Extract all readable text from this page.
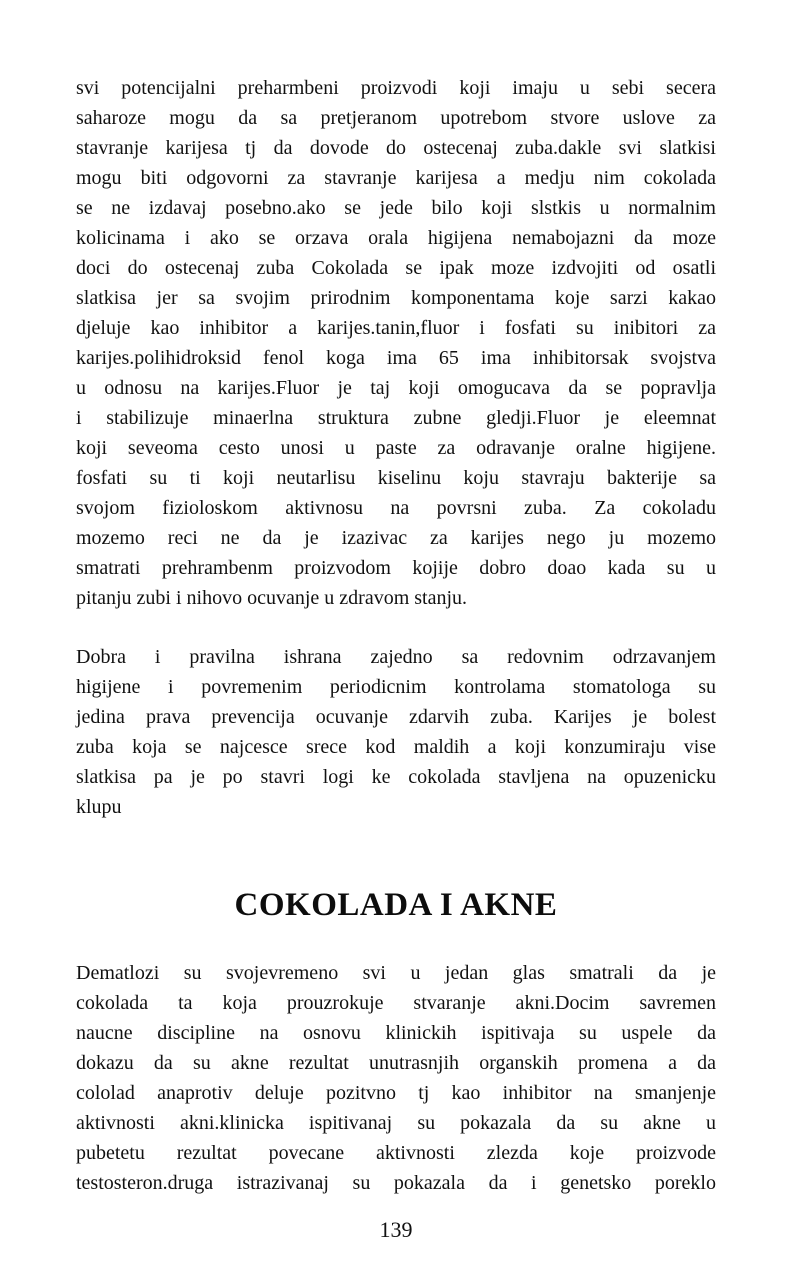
svi potencijalni preharmbeni proizvodi koji imaju u sebi secera
saharoze mogu da sa pretjeranom upotrebom stvore uslove za
stavranje karijesa tj da dovode do ostecenaj zuba.dakle svi slatkisi
mogu biti odgovorni za stavranje karijesa a medju nim cokolada
se ne izdavaj posebno.ako se jede bilo koji slstkis u normalnim
kolicinama i ako se orzava orala higijena nemabojazni da moze
doci do ostecenaj zuba Cokolada se ipak moze izdvojiti od osatli
slatkisa jer sa svojim prirodnim komponentama koje sarzi kakao
djeluje kao inhibitor a karijes.tanin,fluor i fosfati su inibitori za
karijes.polihidroksid fenol koga ima 65 ima inhibitorsak svojstva
u odnosu na karijes.Fluor je taj koji omogucava da se popravlja
i stabilizuje minaerlna struktura zubne gledji.Fluor je eleemnat
koji seveoma cesto unosi u paste za odravanje oralne higijene.
fosfati su ti koji neutarlisu kiselinu koju stavraju bakterije sa
svojom fizioloskom aktivnosu na povrsni zuba. Za cokoladu
mozemo reci ne da je izazivac za karijes nego ju mozemo
smatrati prehrambenm proizvodom kojije dobro doao kada su u
pitanju zubi i nihovo ocuvanje u zdravom stanju.
Dobra i pravilna ishrana zajedno sa redovnim odrzavanjem
higijene i povremenim periodicnim kontrolama stomatologa su
jedina prava prevencija ocuvanje zdarvih zuba. Karijes je bolest
zuba koja se najcesce srece kod maldih a koji konzumiraju vise
slatkisa pa je po stavri logi ke cokolada stavljena na opuzenicku
klupu
COKOLADA I AKNE
Dematlozi su svojevremeno svi u jedan glas smatrali da je
cokolada ta koja prouzrokuje stvaranje akni.Docim savremen
naucne discipline na osnovu klinickih ispitivaja su uspele da
dokazu da su akne rezultat unutrasnjih organskih promena a da
cololad anaprotiv deluje pozitvno tj kao inhibitor na smanjenje
aktivnosti akni.klinicka ispitivanaj su pokazala da su akne u
pubetetu rezultat povecane aktivnosti zlezda koje proizvode
testosteron.druga istrazivanaj su pokazala da i genetsko poreklo
139
